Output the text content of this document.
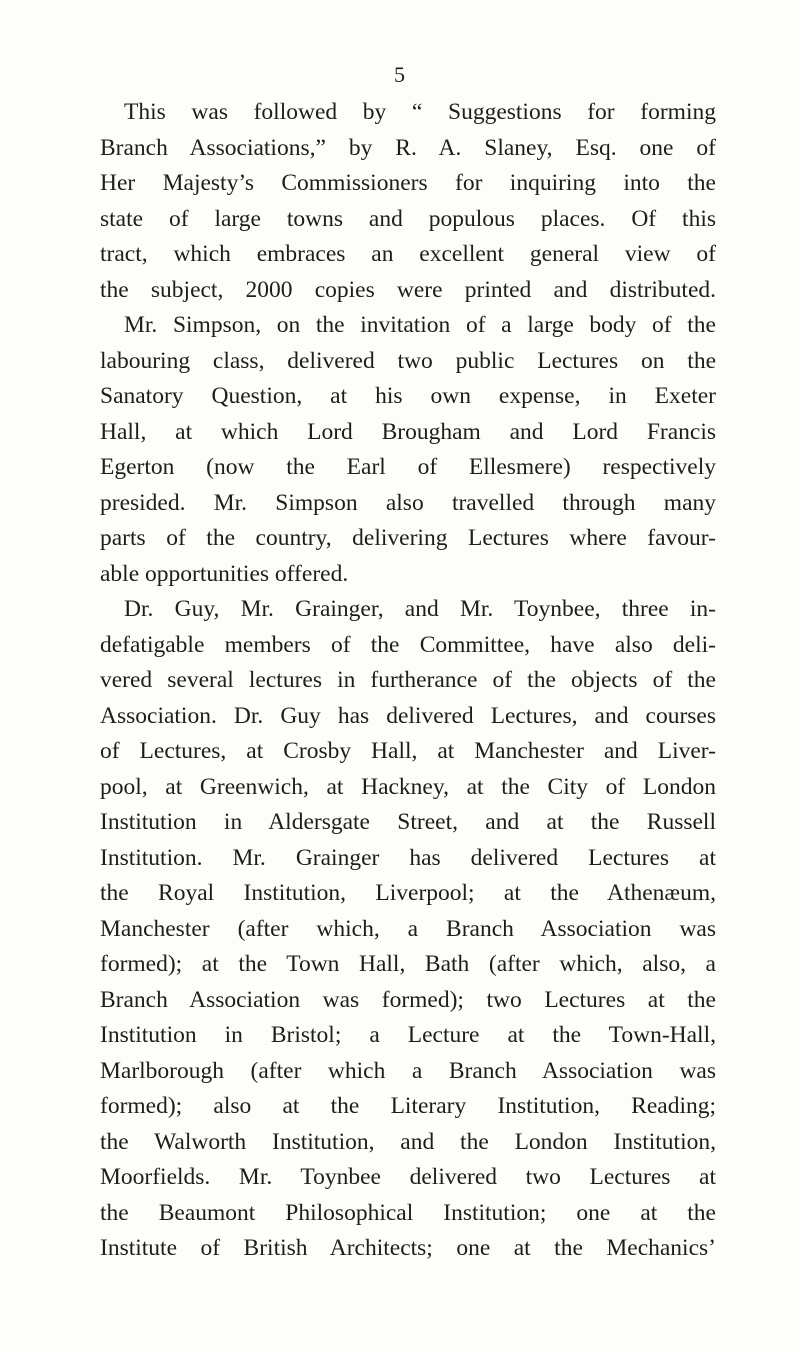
5
This was followed by “ Suggestions for forming
Branch Associations,” by R. A. Slaney, Esq. one of
Her Majesty’s Commissioners for inquiring into the
state of large towns and populous places. Of this
tract, which embraces an excellent general view of
the subject, 2000 copies were printed and distributed.
Mr. Simpson, on the invitation of a large body of the
labouring class, delivered two public Lectures on the
Sanatory Question, at his own expense, in Exeter
Hall, at which Lord Brougham and Lord Francis
Egerton (now the Earl of Ellesmere) respectively
presided. Mr. Simpson also travelled through many
parts of the country, delivering Lectures where favour-
able opportunities offered.
Dr. Guy, Mr. Grainger, and Mr. Toynbee, three in-
defatigable members of the Committee, have also deli-
vered several lectures in furtherance of the objects of the
Association. Dr. Guy has delivered Lectures, and courses
of Lectures, at Crosby Hall, at Manchester and Liver-
pool, at Greenwich, at Hackney, at the City of London
Institution in Aldersgate Street, and at the Russell
Institution. Mr. Grainger has delivered Lectures at
the Royal Institution, Liverpool; at the Athenæum,
Manchester (after which, a Branch Association was
formed); at the Town Hall, Bath (after which, also, a
Branch Association was formed); two Lectures at the
Institution in Bristol; a Lecture at the Town-Hall,
Marlborough (after which a Branch Association was
formed); also at the Literary Institution, Reading;
the Walworth Institution, and the London Institution,
Moorfields. Mr. Toynbee delivered two Lectures at
the Beaumont Philosophical Institution; one at the
Institute of British Architects; one at the Mechanics’
